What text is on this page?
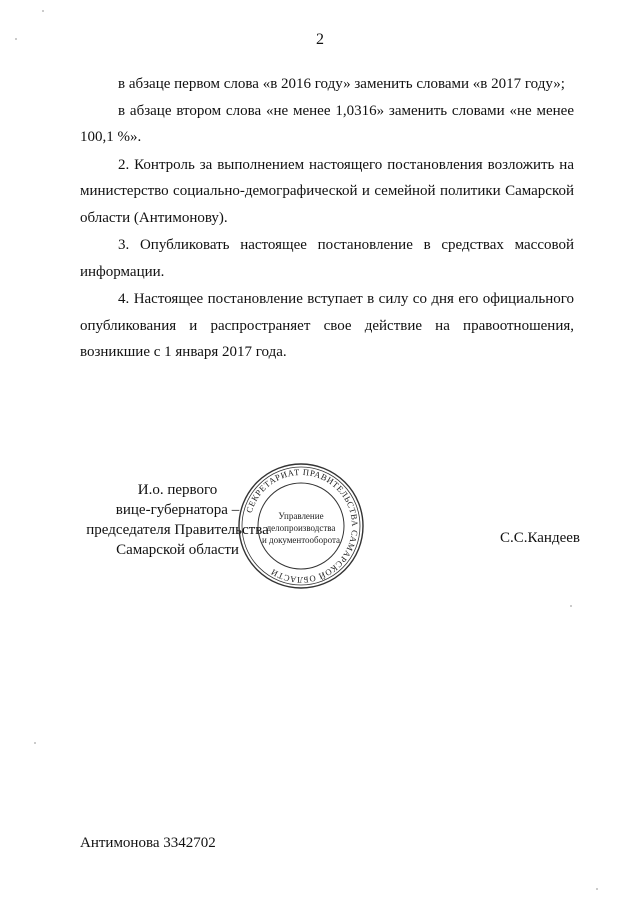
2

в абзаце первом слова «в 2016 году» заменить словами «в 2017 году»;

в абзаце втором слова «не менее 1,0316» заменить словами «не менее 100,1 %».

2. Контроль за выполнением настоящего постановления возложить на министерство социально-демографической и семейной политики Самарской области (Антимонову).

3. Опубликовать настоящее постановление в средствах массовой информации.

4. Настоящее постановление вступает в силу со дня его официального опубликования и распространяет свое действие на правоотношения, возникшие с 1 января 2017 года.

И.о. первого
вице-губернатора –
председателя Правительства
Самарской области
СЕКРЕТАРИАТ ПРАВИТЕЛЬСТВА САМАРСКОЙ ОБЛАСТИ
Управление
делопроизводства
и документооборота	С.С.Кандеев
Антимонова 3342702
